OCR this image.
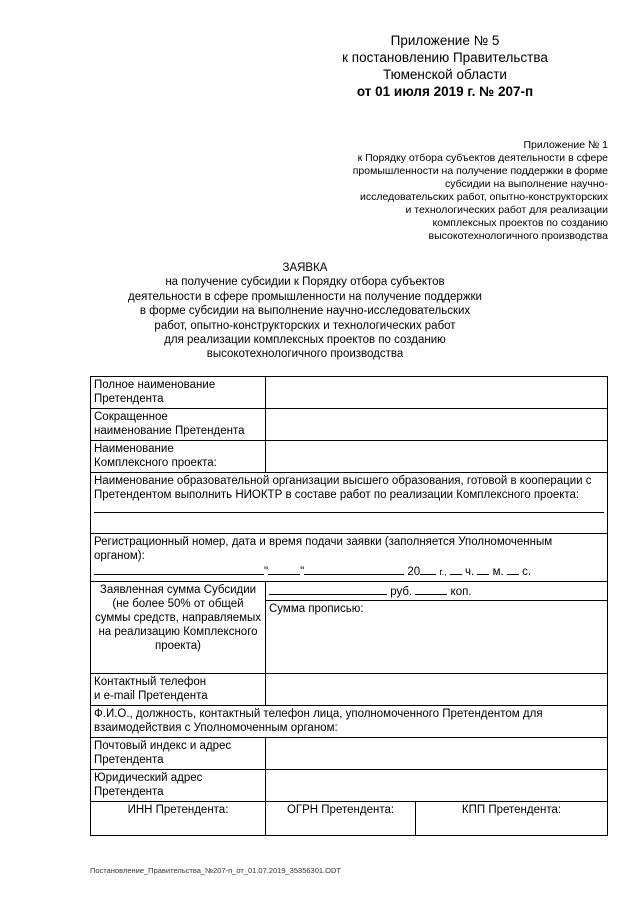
Приложение № 5
к постановлению Правительства
Тюменской области
от 01 июля 2019 г. № 207-п
Приложение № 1
к Порядку отбора субъектов деятельности в сфере
промышленности на получение поддержки в форме
субсидии на выполнение научно-
исследовательских работ, опытно-конструкторских
и технологических работ для реализации
комплексных проектов по созданию
высокотехнологичного производства
ЗАЯВКА
на получение субсидии к Порядку отбора субъектов
деятельности в сфере промышленности на получение поддержки
в форме субсидии на выполнение научно-исследовательских
работ, опытно-конструкторских и технологических работ
для реализации комплексных проектов по созданию
высокотехнологичного производства
Полное наименование
Претендента		

Сокращенное
наименование Претендента		

Наименование
Комплексного проекта:		

Наименование образовательной организации высшего образования, готовой в кооперации с Претендентом выполнить НИОКТР в составе работ по реализации Комплексного проекта:		

Регистрационный номер, дата и время подачи заявки (заполняется Уполномоченным органом):
" " 20 г., ч. м. с.		

Заявленная сумма Субсидии (не более 50% от общей суммы средств, направляемых на реализацию Комплексного проекта)	руб. коп.	
	Сумма прописью:	

Контактный телефон
и e-mail Претендента		

Ф.И.О., должность, контактный телефон лица, уполномоченного Претендентом для взаимодействия с Уполномоченным органом:		

Почтовый индекс и адрес
Претендента		

Юридический адрес
Претендента		

ИНН Претендента:	ОГРН Претендента:	КПП Претендента:
Постановление_Правительства_№207-п_от_01.07.2019_35356301.ODT
